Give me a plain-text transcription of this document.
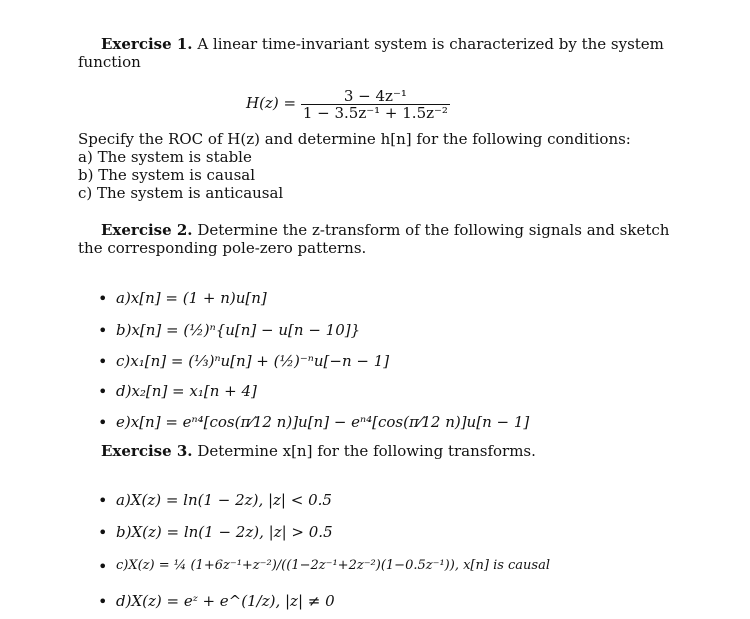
Exercise 1. A linear time-invariant system is characterized by the system
function
$H(z) = \frac{\text{3 − 4z⁻¹}}{\text{1 − 3.5z⁻¹ + 1.5z⁻²}}$
Specify the ROC of H(z) and determine h[n] for the following conditions:
a) The system is stable
b) The system is causal
c) The system is anticausal
Exercise 2. Determine the z-transform of the following signals and sketch
the corresponding pole-zero patterns.
•
a)x[n] = (1 + n)u[n]
•
b)x[n] = (½)ⁿ{u[n] − u[n − 10]}
•
c)x₁[n] = (⅓)ⁿu[n] + (½)⁻ⁿu[−n − 1]
•
d)x₂[n] = x₁[n + 4]
•
e)x[n] = eⁿ⁴[cos(π⁄12 n)]u[n] − eⁿ⁴[cos(π⁄12 n)]u[n − 1]
Exercise 3. Determine x[n] for the following transforms.
•
a)X(z) = ln(1 − 2z), |z| < 0.5
•
b)X(z) = ln(1 − 2z), |z| > 0.5
•
c)X(z) = ¼ (1+6z⁻¹+z⁻²)/((1−2z⁻¹+2z⁻²)(1−0.5z⁻¹)), x[n] is causal
•
d)X(z) = eᶻ + e^(1/z), |z| ≠ 0
